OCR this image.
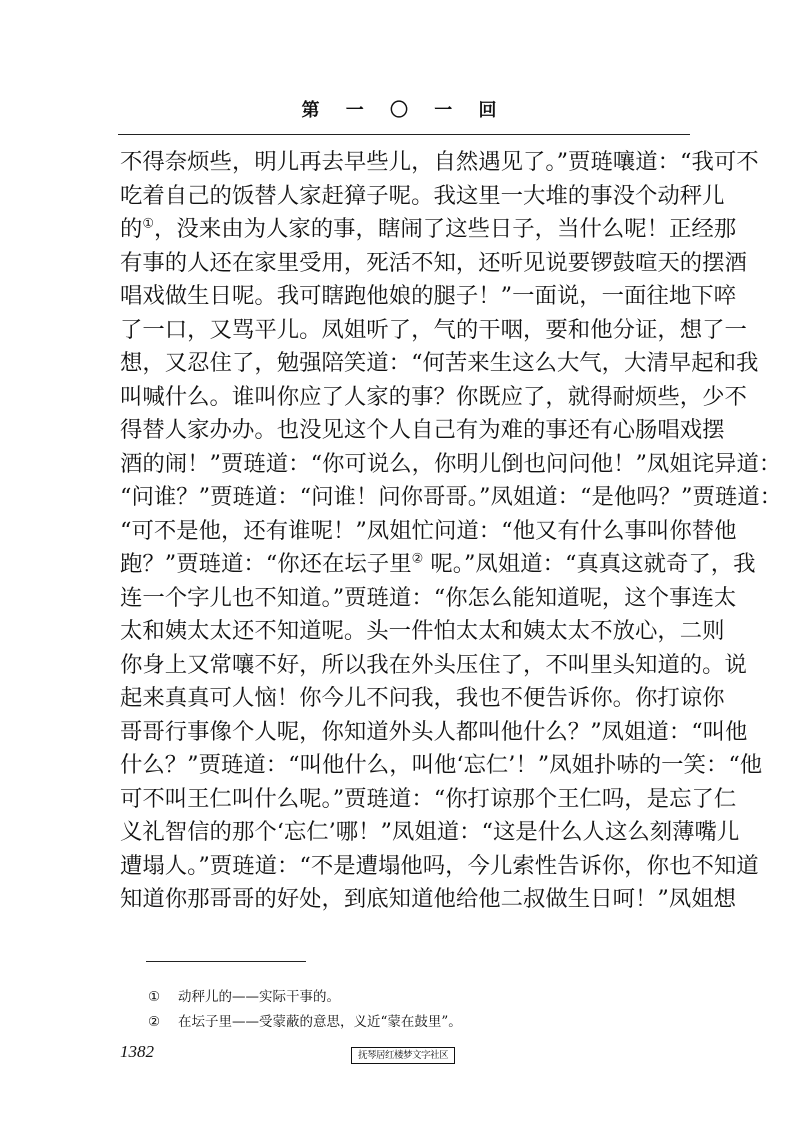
第 一 〇 一 回
不得奈烦些，明儿再去早些儿，自然遇见了。”贾琏嚷道：“我可不
吃着自己的饭替人家赶獐子呢。我这里一大堆的事没个动秤儿
的①，没来由为人家的事，瞎闹了这些日子，当什么呢！正经那
有事的人还在家里受用，死活不知，还听见说要锣鼓喧天的摆酒
唱戏做生日呢。我可瞎跑他娘的腿子！”一面说，一面往地下啐
了一口，又骂平儿。凤姐听了，气的干咽，要和他分证，想了一
想，又忍住了，勉强陪笑道：“何苦来生这么大气，大清早起和我
叫喊什么。谁叫你应了人家的事？你既应了，就得耐烦些，少不
得替人家办办。也没见这个人自己有为难的事还有心肠唱戏摆
酒的闹！”贾琏道：“你可说么，你明儿倒也问问他！”凤姐诧异道：
“问谁？”贾琏道：“问谁！问你哥哥。”凤姐道：“是他吗？”贾琏道：
“可不是他，还有谁呢！”凤姐忙问道：“他又有什么事叫你替他
跑？”贾琏道：“你还在坛子里② 呢。”凤姐道：“真真这就奇了，我
连一个字儿也不知道。”贾琏道：“你怎么能知道呢，这个事连太
太和姨太太还不知道呢。头一件怕太太和姨太太不放心，二则
你身上又常嚷不好，所以我在外头压住了，不叫里头知道的。说
起来真真可人恼！你今儿不问我，我也不便告诉你。你打谅你
哥哥行事像个人呢，你知道外头人都叫他什么？”凤姐道：“叫他
什么？”贾琏道：“叫他什么，叫他‘忘仁’！”凤姐扑哧的一笑：“他
可不叫王仁叫什么呢。”贾琏道：“你打谅那个王仁吗，是忘了仁
义礼智信的那个‘忘仁’哪！”凤姐道：“这是什么人这么刻薄嘴儿
遭塌人。”贾琏道：“不是遭塌他吗，今儿索性告诉你，你也不知道
知道你那哥哥的好处，到底知道他给他二叔做生日呵！”凤姐想
① 动秤儿的——实际干事的。
② 在坛子里——受蒙蔽的意思，义近“蒙在鼓里”。
1382	抚琴居红楼梦文字社区
